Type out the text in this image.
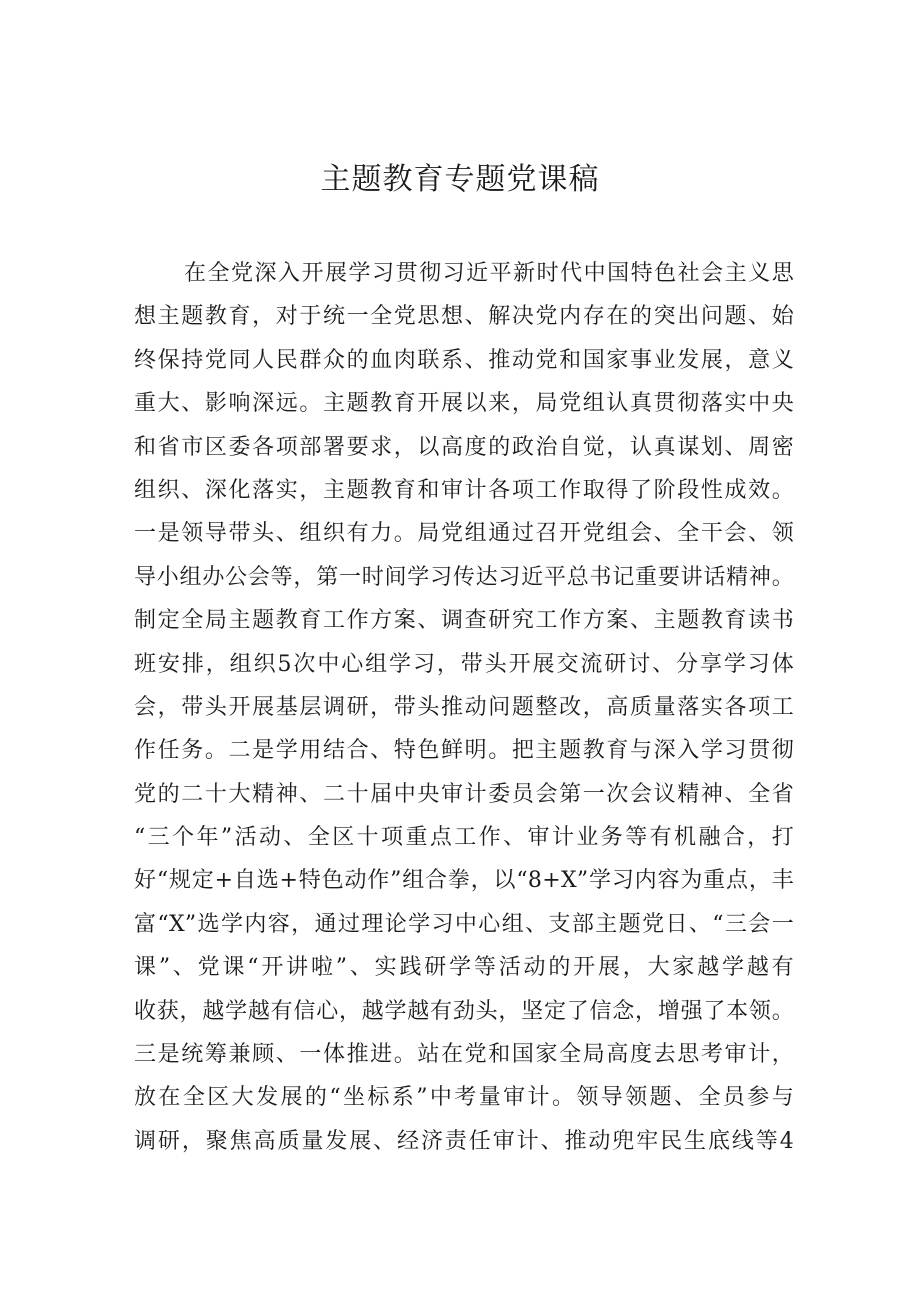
主题教育专题党课稿
在全党深入开展学习贯彻习近平新时代中国特色社会主义思
想主题教育，对于统一全党思想、解决党内存在的突出问题、始
终保持党同人民群众的血肉联系、推动党和国家事业发展，意义
重大、影响深远。主题教育开展以来，局党组认真贯彻落实中央
和省市区委各项部署要求，以高度的政治自觉，认真谋划、周密
组织、深化落实，主题教育和审计各项工作取得了阶段性成效。
一是领导带头、组织有力。局党组通过召开党组会、全干会、领
导小组办公会等，第一时间学习传达习近平总书记重要讲话精神。
制定全局主题教育工作方案、调查研究工作方案、主题教育读书
班安排，组织5次中心组学习，带头开展交流研讨、分享学习体
会，带头开展基层调研，带头推动问题整改，高质量落实各项工
作任务。二是学用结合、特色鲜明。把主题教育与深入学习贯彻
党的二十大精神、二十届中央审计委员会第一次会议精神、全省
“三个年”活动、全区十项重点工作、审计业务等有机融合，打
好“规定+自选+特色动作”组合拳，以“8+X”学习内容为重点，丰
富“X”选学内容，通过理论学习中心组、支部主题党日、“三会一
课”、党课“开讲啦”、实践研学等活动的开展，大家越学越有
收获，越学越有信心，越学越有劲头，坚定了信念，增强了本领。
三是统筹兼顾、一体推进。站在党和国家全局高度去思考审计，
放在全区大发展的“坐标系”中考量审计。领导领题、全员参与
调研，聚焦高质量发展、经济责任审计、推动兜牢民生底线等4
